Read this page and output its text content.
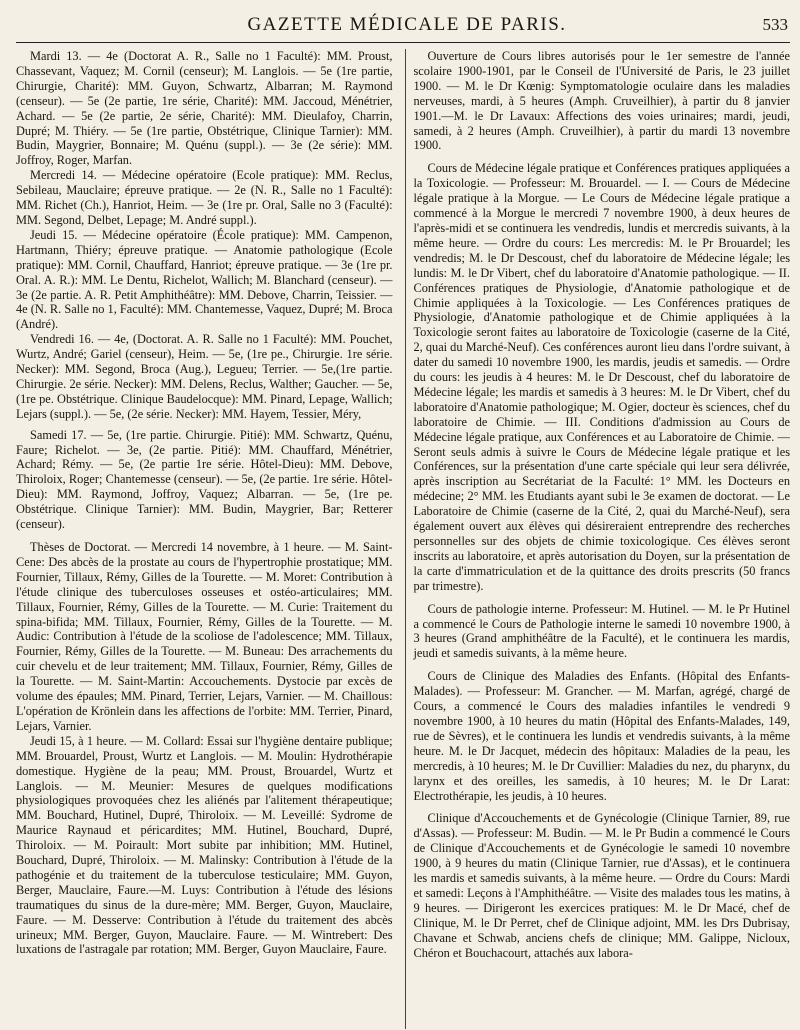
GAZETTE MÉDICALE DE PARIS.	533

Mardi 13. — 4e (Doctorat A. R., Salle no 1 Faculté): MM. Proust, Chassevant, Vaquez; M. Cornil (censeur); M. Langlois. — 5e (1re partie, Chirurgie, Charité): MM. Guyon, Schwartz, Albarran; M. Raymond (censeur). — 5e (2e partie, 1re série, Charité): MM. Jaccoud, Ménétrier, Achard. — 5e (2e partie, 2e série, Charité): MM. Dieulafoy, Charrin, Dupré; M. Thiéry. — 5e (1re partie, Obstétrique, Clinique Tarnier): MM. Budin, Maygrier, Bonnaire; M. Quénu (suppl.). — 3e (2e série): MM. Joffroy, Roger, Marfan.

Mercredi 14. — Médecine opératoire (Ecole pratique): MM. Reclus, Sebileau, Mauclaire; épreuve pratique. — 2e (N. R., Salle no 1 Faculté): MM. Richet (Ch.), Hanriot, Heim. — 3e (1re pr. Oral, Salle no 3 (Faculté): MM. Segond, Delbet, Lepage; M. André suppl.).

Jeudi 15. — Médecine opératoire (École pratique): MM. Campenon, Hartmann, Thiéry; épreuve pratique. — Anatomie pathologique (Ecole pratique): MM. Cornil, Chauffard, Hanriot; épreuve pratique. — 3e (1re pr. Oral. A. R.): MM. Le Dentu, Richelot, Wallich; M. Blanchard (censeur). — 3e (2e partie. A. R. Petit Amphithéâtre): MM. Debove, Charrin, Teissier. — 4e (N. R. Salle no 1, Faculté): MM. Chantemesse, Vaquez, Dupré; M. Broca (André).

Vendredi 16. — 4e, (Doctorat. A. R. Salle no 1 Faculté): MM. Pouchet, Wurtz, André; Gariel (censeur), Heim. — 5e, (1re pe., Chirurgie. 1re série. Necker): MM. Segond, Broca (Aug.), Legueu; Terrier. — 5e,(1re partie. Chirurgie. 2e série. Necker): MM. Delens, Reclus, Walther; Gaucher. — 5e, (1re pe. Obstétrique. Clinique Baudelocque): MM. Pinard, Lepage, Wallich; Lejars (suppl.). — 5e, (2e série. Necker): MM. Hayem, Tessier, Méry,

Samedi 17. — 5e, (1re partie. Chirurgie. Pitié): MM. Schwartz, Quénu, Faure; Richelot. — 3e, (2e partie. Pitié): MM. Chauffard, Ménétrier, Achard; Rémy. — 5e, (2e partie 1re série. Hôtel-Dieu): MM. Debove, Thiroloix, Roger; Chantemesse (censeur). — 5e, (2e partie. 1re série. Hôtel-Dieu): MM. Raymond, Joffroy, Vaquez; Albarran. — 5e, (1re pe. Obstétrique. Clinique Tarnier): MM. Budin, Maygrier, Bar; Retterer (censeur).

Thèses de Doctorat. — Mercredi 14 novembre, à 1 heure. — M. Saint-Cene: Des abcès de la prostate au cours de l'hypertrophie prostatique; MM. Fournier, Tillaux, Rémy, Gilles de la Tourette. — M. Moret: Contribution à l'étude clinique des tuberculoses osseuses et ostéo-articulaires; MM. Tillaux, Fournier, Rémy, Gilles de la Tourette. — M. Curie: Traitement du spina-bifida; MM. Tillaux, Fournier, Rémy, Gilles de la Tourette. — M. Audic: Contribution à l'étude de la scoliose de l'adolescence; MM. Tillaux, Fournier, Rémy, Gilles de la Tourette. — M. Buneau: Des arrachements du cuir chevelu et de leur traitement; MM. Tillaux, Fournier, Rémy, Gilles de la Tourette. — M. Saint-Martin: Accouchements. Dystocie par excès de volume des épaules; MM. Pinard, Terrier, Lejars, Varnier. — M. Chaillous: L'opération de Krönlein dans les affections de l'orbite: MM. Terrier, Pinard, Lejars, Varnier.

Jeudi 15, à 1 heure. — M. Collard: Essai sur l'hygiène dentaire publique; MM. Brouardel, Proust, Wurtz et Langlois. — M. Moulin: Hydrothérapie domestique. Hygiène de la peau; MM. Proust, Brouardel, Wurtz et Langlois. — M. Meunier: Mesures de quelques modifications physiologiques provoquées chez les aliénés par l'alitement thérapeutique; MM. Bouchard, Hutinel, Dupré, Thiroloix. — M. Leveillé: Sydrome de Maurice Raynaud et péricardites; MM. Hutinel, Bouchard, Dupré, Thiroloix. — M. Poirault: Mort subite par inhibition; MM. Hutinel, Bouchard, Dupré, Thiroloix. — M. Malinsky: Contribution à l'étude de la pathogénie et du traitement de la tuberculose testiculaire; MM. Guyon, Berger, Mauclaire, Faure.—M. Luys: Contribution à l'étude des lésions traumatiques du sinus de la dure-mère; MM. Berger, Guyon, Mauclaire, Faure. — M. Desserve: Contribution à l'étude du traitement des abcès urineux; MM. Berger, Guyon, Mauclaire. Faure. — M. Wintrebert: Des luxations de l'astragale par rotation; MM. Berger, Guyon Mauclaire, Faure.

Ouverture de Cours libres autorisés pour le 1er semestre de l'année scolaire 1900-1901, par le Conseil de l'Université de Paris, le 23 juillet 1900. — M. le Dr Kœnig: Symptomatologie oculaire dans les maladies nerveuses, mardi, à 5 heures (Amph. Cruveilhier), à partir du 8 janvier 1901.—M. le Dr Lavaux: Affections des voies urinaires; mardi, jeudi, samedi, à 2 heures (Amph. Cruveilhier), à partir du mardi 13 novembre 1900.

Cours de Médecine légale pratique et Conférences pratiques appliquées a la Toxicologie. — Professeur: M. Brouardel. — I. — Cours de Médecine légale pratique à la Morgue. — Le Cours de Médecine légale pratique a commencé à la Morgue le mercredi 7 novembre 1900, à deux heures de l'après-midi et se continuera les vendredis, lundis et mercredis suivants, à la même heure. — Ordre du cours: Les mercredis: M. le Pr Brouardel; les vendredis; M. le Dr Descoust, chef du laboratoire de Médecine légale; les lundis: M. le Dr Vibert, chef du laboratoire d'Anatomie pathologique. — II. Conférences pratiques de Physiologie, d'Anatomie pathologique et de Chimie appliquées à la Toxicologie. — Les Conférences pratiques de Physiologie, d'Anatomie pathologique et de Chimie appliquées à la Toxicologie seront faites au laboratoire de Toxicologie (caserne de la Cité, 2, quai du Marché-Neuf). Ces conférences auront lieu dans l'ordre suivant, à dater du samedi 10 novembre 1900, les mardis, jeudis et samedis. — Ordre du cours: les jeudis à 4 heures: M. le Dr Descoust, chef du laboratoire de Médecine légale; les mardis et samedis à 3 heures: M. le Dr Vibert, chef du laboratoire d'Anatomie pathologique; M. Ogier, docteur ès sciences, chef du laboratoire de Chimie. — III. Conditions d'admission au Cours de Médecine légale pratique, aux Conférences et au Laboratoire de Chimie. — Seront seuls admis à suivre le Cours de Médecine légale pratique et les Conférences, sur la présentation d'une carte spéciale qui leur sera délivrée, après inscription au Secrétariat de la Faculté: 1° MM. les Docteurs en médecine; 2° MM. les Etudiants ayant subi le 3e examen de doctorat. — Le Laboratoire de Chimie (caserne de la Cité, 2, quai du Marché-Neuf), sera également ouvert aux élèves qui désireraient entreprendre des recherches personnelles sur des objets de chimie toxicologique. Ces élèves seront inscrits au laboratoire, et après autorisation du Doyen, sur la présentation de la carte d'immatriculation et de la quittance des droits prescrits (50 francs par trimestre).

Cours de pathologie interne. Professeur: M. Hutinel. — M. le Pr Hutinel a commencé le Cours de Pathologie interne le samedi 10 novembre 1900, à 3 heures (Grand amphithéâtre de la Faculté), et le continuera les mardis, jeudi et samedis suivants, à la même heure.

Cours de Clinique des Maladies des Enfants. (Hôpital des Enfants-Malades). — Professeur: M. Grancher. — M. Marfan, agrégé, chargé de Cours, a commencé le Cours des maladies infantiles le vendredi 9 novembre 1900, à 10 heures du matin (Hôpital des Enfants-Malades, 149, rue de Sèvres), et le continuera les lundis et vendredis suivants, à la même heure. M. le Dr Jacquet, médecin des hôpitaux: Maladies de la peau, les mercredis, à 10 heures; M. le Dr Cuvillier: Maladies du nez, du pharynx, du larynx et des oreilles, les samedis, à 10 heures; M. le Dr Larat: Electrothérapie, les jeudis, à 10 heures.

Clinique d'Accouchements et de Gynécologie (Clinique Tarnier, 89, rue d'Assas). — Professeur: M. Budin. — M. le Pr Budin a commencé le Cours de Clinique d'Accouchements et de Gynécologie le samedi 10 novembre 1900, à 9 heures du matin (Clinique Tarnier, rue d'Assas), et le continuera les mardis et samedis suivants, à la même heure. — Ordre du Cours: Mardi et samedi: Leçons à l'Amphithéâtre. — Visite des malades tous les matins, à 9 heures. — Dirigeront les exercices pratiques: M. le Dr Macé, chef de Clinique, M. le Dr Perret, chef de Clinique adjoint, MM. les Drs Dubrisay, Chavane et Schwab, anciens chefs de clinique; MM. Galippe, Nicloux, Chéron et Bouchacourt, attachés aux labora-
